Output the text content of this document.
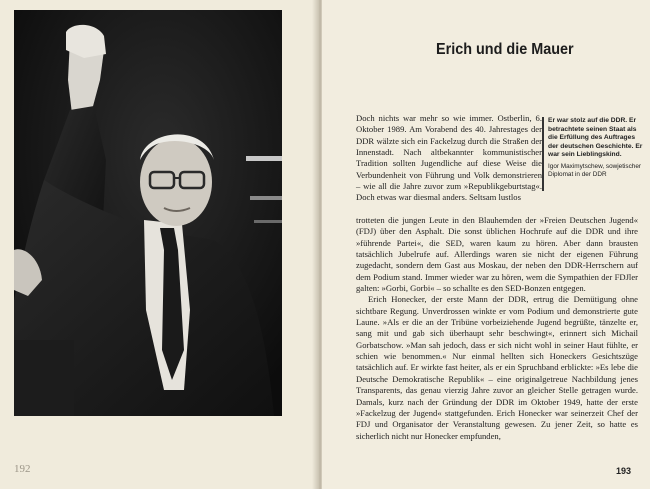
192
Erich und die Mauer

Er war stolz auf die DDR. Er betrachtete seinen Staat als die Erfüllung des Auftrages der deutschen Geschichte. Er war sein Lieblingskind.

Igor Maximytschew, sowjetischer Diplomat in der DDR

Doch nichts war mehr so wie immer. Ostberlin, 6. Oktober 1989. Am Vorabend des 40. Jahrestages der DDR wälzte sich ein Fackelzug durch die Straßen der Innenstadt. Nach altbekannter kommunistischer Tradition sollten Jugendliche auf diese Weise die Verbundenheit von Führung und Volk demonstrieren – wie all die Jahre zuvor zum »Republikgeburtstag«. Doch etwas war diesmal anders. Seltsam lustlos

trotteten die jungen Leute in den Blauhemden der »Freien Deutschen Jugend« (FDJ) über den Asphalt. Die sonst üblichen Hochrufe auf die DDR und ihre »führende Partei«, die SED, waren kaum zu hören. Aber dann brausten tatsächlich Jubelrufe auf. Allerdings waren sie nicht der eigenen Führung zugedacht, sondern dem Gast aus Moskau, der neben den DDR-Herrschern auf dem Podium stand. Immer wieder war zu hören, wem die Sympathien der FDJler galten: »Gorbi, Gorbi« – so schallte es den SED-Bonzen entgegen.

Erich Honecker, der erste Mann der DDR, ertrug die Demütigung ohne sichtbare Regung. Unverdrossen winkte er vom Podium und demonstrierte gute Laune. »Als er die an der Tribüne vorbeiziehende Jugend begrüßte, tänzelte er, sang mit und gab sich überhaupt sehr beschwingt«, erinnert sich Michail Gorbatschow. »Man sah jedoch, dass er sich nicht wohl in seiner Haut fühlte, er schien wie benommen.« Nur einmal hellten sich Honeckers Gesichtszüge tatsächlich auf. Er wirkte fast heiter, als er ein Spruchband erblickte: »Es lebe die Deutsche Demokratische Republik« – eine originalgetreue Nachbildung jenes Transparents, das genau vierzig Jahre zuvor an gleicher Stelle getragen wurde. Damals, kurz nach der Gründung der DDR im Oktober 1949, hatte der erste »Fackelzug der Jugend« stattgefunden. Erich Honecker war seinerzeit Chef der FDJ und Organisator der Veranstaltung gewesen. Zu jener Zeit, so hatte es sicherlich nicht nur Honecker empfunden,

193
